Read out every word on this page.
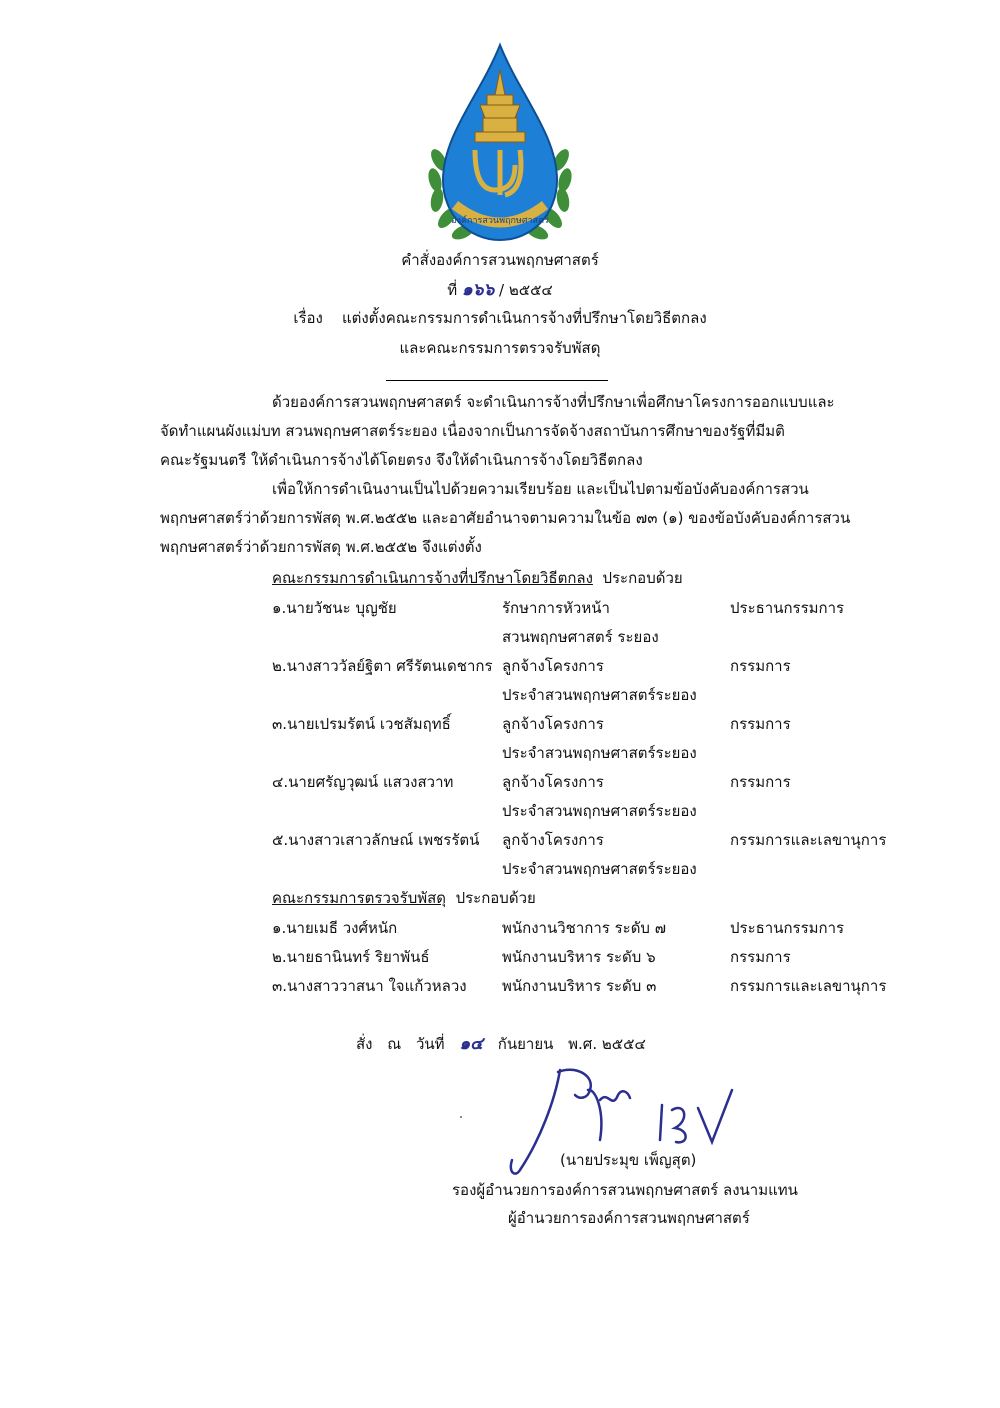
องค์การสวนพฤกษศาสตร์
คำสั่งองค์การสวนพฤกษศาสตร์
ที่ ๑๖๖ / ๒๕๕๔
เรื่อง แต่งตั้งคณะกรรมการดำเนินการจ้างที่ปรึกษาโดยวิธีตกลง
และคณะกรรมการตรวจรับพัสดุ
ด้วยองค์การสวนพฤกษศาสตร์ จะดำเนินการจ้างที่ปรึกษาเพื่อศึกษาโครงการออกแบบและ
จัดทำแผนผังแม่บท สวนพฤกษศาสตร์ระยอง เนื่องจากเป็นการจัดจ้างสถาบันการศึกษาของรัฐที่มีมติ
คณะรัฐมนตรี ให้ดำเนินการจ้างได้โดยตรง จึงให้ดำเนินการจ้างโดยวิธีตกลง
เพื่อให้การดำเนินงานเป็นไปด้วยความเรียบร้อย และเป็นไปตามข้อบังคับองค์การสวน
พฤกษศาสตร์ว่าด้วยการพัสดุ พ.ศ.๒๕๕๒ และอาศัยอำนาจตามความในข้อ ๗๓ (๑) ของข้อบังคับองค์การสวน
พฤกษศาสตร์ว่าด้วยการพัสดุ พ.ศ.๒๕๕๒ จึงแต่งตั้ง
คณะกรรมการดำเนินการจ้างที่ปรึกษาโดยวิธีตกลง ประกอบด้วย
๑.นายวัชนะ บุญชัย	รักษาการหัวหน้า	ประธานกรรมการ
สวนพฤกษศาสตร์ ระยอง
๒.นางสาววัลย์ฐิตา ศรีรัตนเดชากร ลูกจ้างโครงการ	กรรมการ
ประจำสวนพฤกษศาสตร์ระยอง
๓.นายเปรมรัตน์ เวชสัมฤทธิ์	ลูกจ้างโครงการ	กรรมการ
ประจำสวนพฤกษศาสตร์ระยอง
๔.นายศรัญวุฒน์ แสวงสวาท	ลูกจ้างโครงการ	กรรมการ
ประจำสวนพฤกษศาสตร์ระยอง
๕.นางสาวเสาวลักษณ์ เพชรรัตน์ ลูกจ้างโครงการ	กรรมการและเลขานุการ
ประจำสวนพฤกษศาสตร์ระยอง
คณะกรรมการตรวจรับพัสดุ ประกอบด้วย
๑.นายเมธี วงศ์หนัก	พนักงานวิชาการ ระดับ ๗	ประธานกรรมการ
๒.นายธานินทร์ ริยาพันธ์	พนักงานบริหาร ระดับ ๖	กรรมการ
๓.นางสาววาสนา ใจแก้วหลวง พนักงานบริหาร ระดับ ๓	กรรมการและเลขานุการ
สั่ง ณ วันที่ ๑๔ กันยายน พ.ศ. ๒๕๕๔
(นายประมุข เพ็ญสุต)
รองผู้อำนวยการองค์การสวนพฤกษศาสตร์ ลงนามแทน
ผู้อำนวยการองค์การสวนพฤกษศาสตร์
